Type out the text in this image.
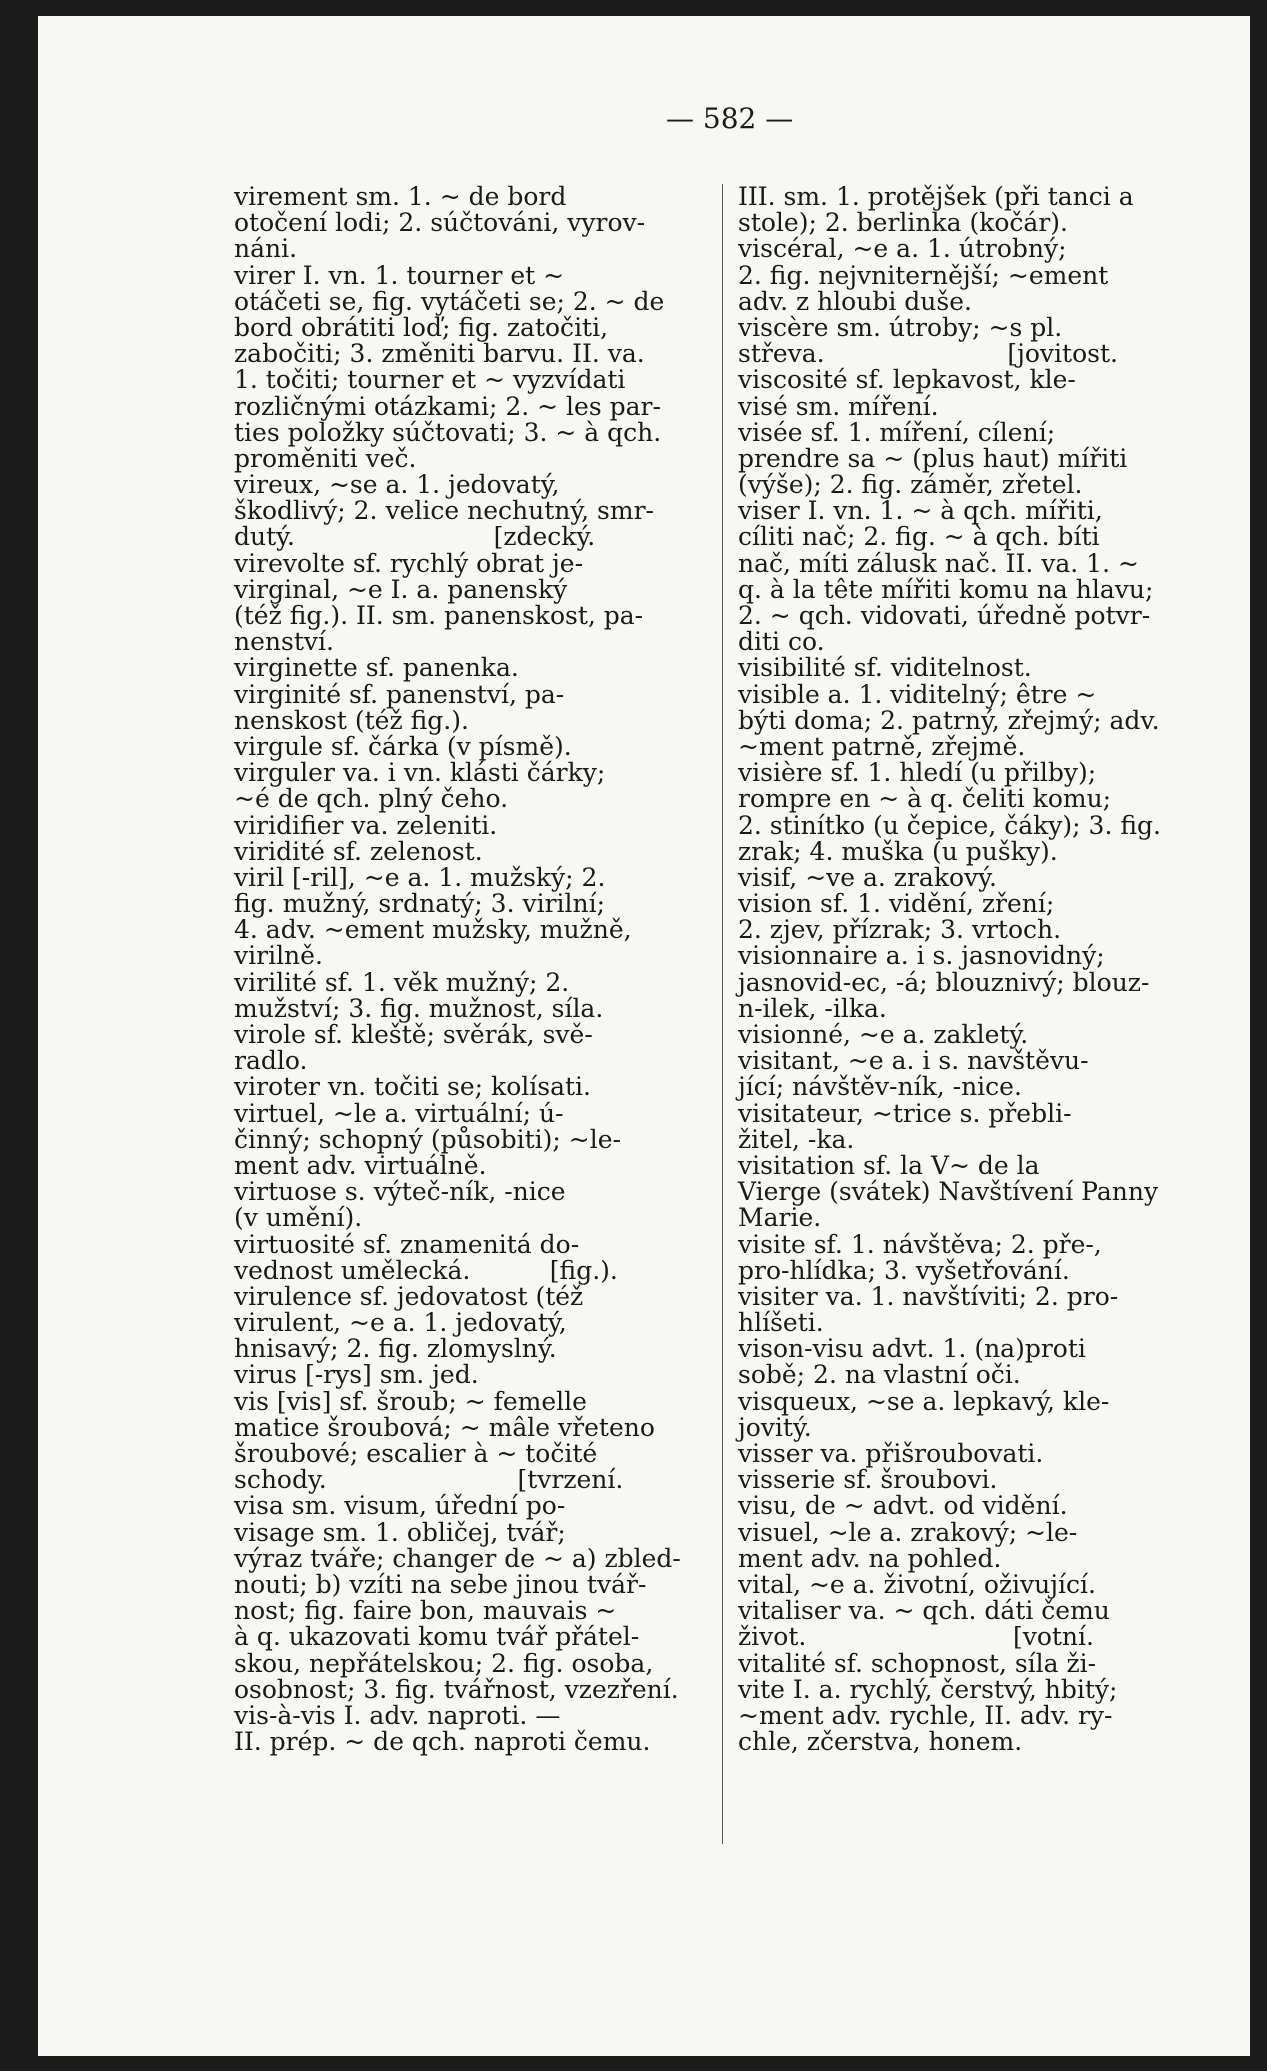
— 582 —
virement sm. 1. ~ de bord
otočení lodi; 2. súčtováni, vyrov-
náni.
virer I. vn. 1. tourner et ~
otáčeti se, fig. vytáčeti se; 2. ~ de
bord obrátiti loď; fig. zatočiti,
zabočiti; 3. změniti barvu. II. va.
1. točiti; tourner et ~ vyzvídati
rozličnými otázkami; 2. ~ les par-
ties položky súčtovati; 3. ~ à qch.
proměniti več.
vireux, ~se a. 1. jedovatý,
škodlivý; 2. velice nechutný, smr-
dutý.                         [zdecký.
virevolte sf. rychlý obrat je-
virginal, ~e I. a. panenský
(též fig.). II. sm. panenskost, pa-
nenství.
virginette sf. panenka.
virginité sf. panenství, pa-
nenskost (též fig.).
virgule sf. čárka (v písmě).
virguler va. i vn. klásti čárky;
~é de qch. plný čeho.
viridifier va. zeleniti.
viridité sf. zelenost.
viril [-ril], ~e a. 1. mužský; 2.
fig. mužný, srdnatý; 3. virilní;
4. adv. ~ement mužsky, mužně,
virilně.
virilité sf. 1. věk mužný; 2.
mužství; 3. fig. mužnost, síla.
virole sf. kleště; svěrák, svě-
radlo.
viroter vn. točiti se; kolísati.
virtuel, ~le a. virtuální; ú-
činný; schopný (působiti); ~le-
ment adv. virtuálně.
virtuose s. výteč-ník, -nice
(v umění).
virtuosité sf. znamenitá do-
vednost umělecká.          [fig.).
virulence sf. jedovatost (též
virulent, ~e a. 1. jedovatý,
hnisavý; 2. fig. zlomyslný.
virus [-rys] sm. jed.
vis [vis] sf. šroub; ~ femelle
matice šroubová; ~ mâle vřeteno
šroubové; escalier à ~ točité
schody.                        [tvrzení.
visa sm. visum, úřední po-
visage sm. 1. obličej, tvář;
výraz tváře; changer de ~ a) zbled-
nouti; b) vzíti na sebe jinou tvář-
nost; fig. faire bon, mauvais ~
à q. ukazovati komu tvář přátel-
skou, nepřátelskou; 2. fig. osoba,
osobnost; 3. fig. tvářnost, vzezření.
vis-à-vis I. adv. naproti. —
II. prép. ~ de qch. naproti čemu.
III. sm. 1. protějšek (při tanci a
stole); 2. berlinka (kočár).
viscéral, ~e a. 1. útrobný;
2. fig. nejvniternější; ~ement
adv. z hloubi duše.
viscère sm. útroby; ~s pl.
střeva.                       [jovitost.
viscosité sf. lepkavost, kle-
visé sm. míření.
visée sf. 1. míření, cílení;
prendre sa ~ (plus haut) mířiti
(výše); 2. fig. záměr, zřetel.
viser I. vn. 1. ~ à qch. mířiti,
cíliti nač; 2. fig. ~ à qch. bíti
nač, míti zálusk nač. II. va. 1. ~
q. à la tête mířiti komu na hlavu;
2. ~ qch. vidovati, úředně potvr-
diti co.
visibilité sf. viditelnost.
visible a. 1. viditelný; être ~
býti doma; 2. patrný, zřejmý; adv.
~ment patrně, zřejmě.
visière sf. 1. hledí (u přilby);
rompre en ~ à q. čeliti komu;
2. stinítko (u čepice, čáky); 3. fig.
zrak; 4. muška (u pušky).
visif, ~ve a. zrakový.
vision sf. 1. vidění, zření;
2. zjev, přízrak; 3. vrtoch.
visionnaire a. i s. jasnovidný;
jasnovid-ec, -á; blouznivý; blouz-
n-ilek, -ilka.
visionné, ~e a. zakletý.
visitant, ~e a. i s. navštěvu-
jící; návštěv-ník, -nice.
visitateur, ~trice s. přebli-
žitel, -ka.
visitation sf. la V~ de la
Vierge (svátek) Navštívení Panny
Marie.
visite sf. 1. návštěva; 2. pře-,
pro-hlídka; 3. vyšetřování.
visiter va. 1. navštíviti; 2. pro-
hlíšeti.
vison-visu advt. 1. (na)proti
sobě; 2. na vlastní oči.
visqueux, ~se a. lepkavý, kle-
jovitý.
visser va. přišroubovati.
visserie sf. šroubovi.
visu, de ~ advt. od vidění.
visuel, ~le a. zrakový; ~le-
ment adv. na pohled.
vital, ~e a. životní, oživující.
vitaliser va. ~ qch. dáti čemu
život.                          [votní.
vitalité sf. schopnost, síla ži-
vite I. a. rychlý, čerstvý, hbitý;
~ment adv. rychle, II. adv. ry-
chle, zčerstva, honem.
